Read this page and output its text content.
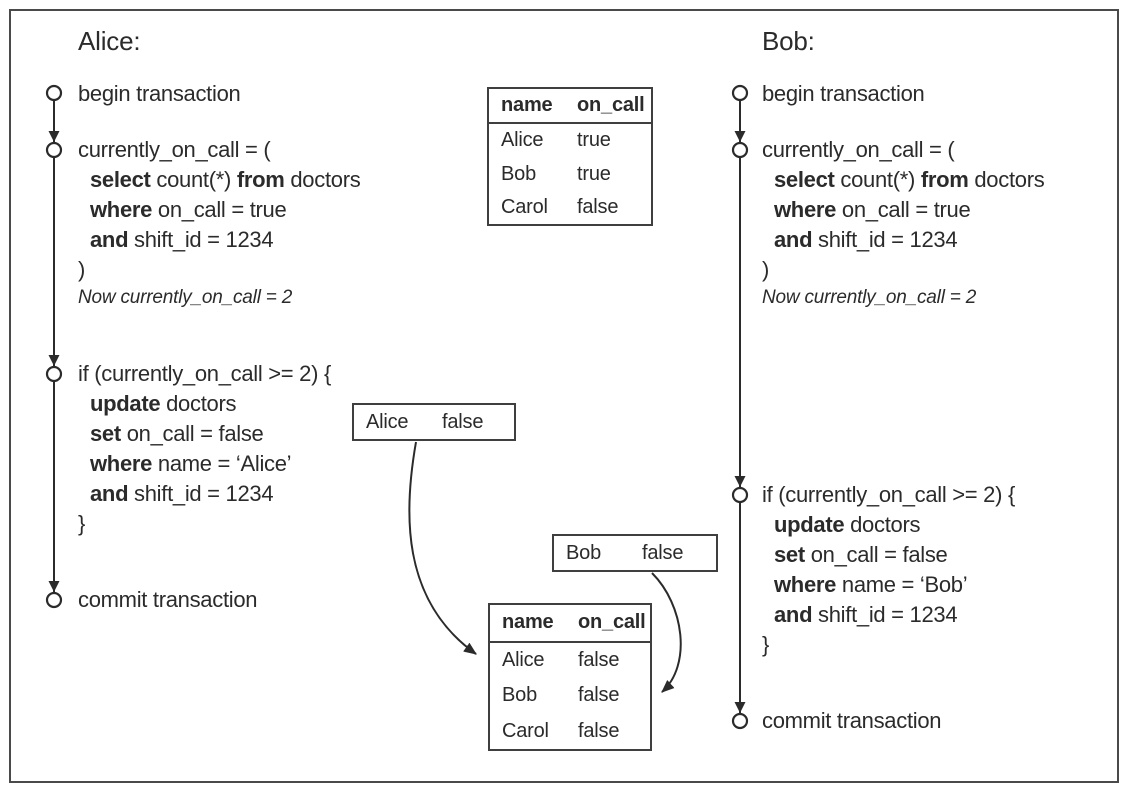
Alice:
begin transaction
currently_on_call = (
select count(*) from doctors
where on_call = true
and shift_id = 1234
)
Now currently_on_call = 2
if (currently_on_call >= 2) {
update doctors
set on_call = false
where name = ‘Alice’
and shift_id = 1234
}
commit transaction
Bob:
begin transaction
currently_on_call = (
select count(*) from doctors
where on_call = true
and shift_id = 1234
)
Now currently_on_call = 2
if (currently_on_call >= 2) {
update doctors
set on_call = false
where name = ‘Bob’
and shift_id = 1234
}
commit transaction
name	on_call
Alice	true
Bob	true
Carol	false
name	on_call
Alice	false
Bob	false
Carol	false
Alice	false
Bob	false
